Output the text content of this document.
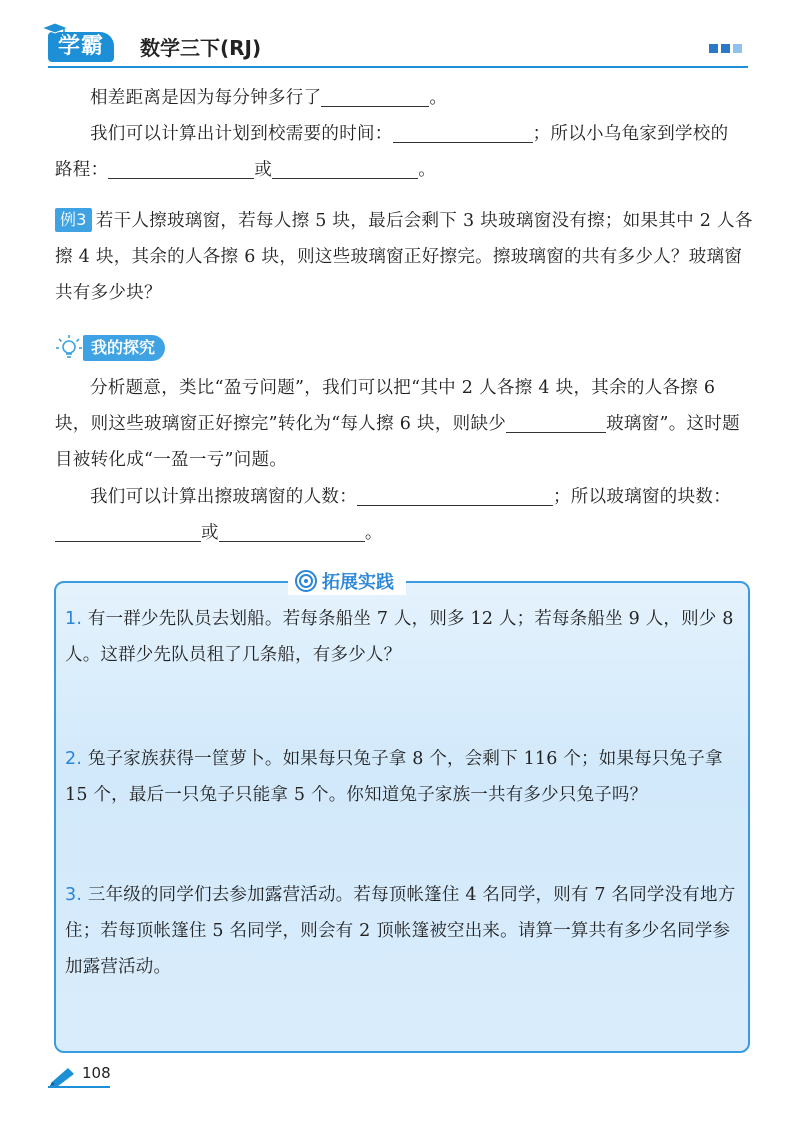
学霸	数学三下(RJ)
相差距离是因为每分钟多行了	。
我们可以计算出计划到校需要的时间：	；所以小乌龟家到学校的
路程：	或	。
例3 若干人擦玻璃窗，若每人擦 5 块，最后会剩下 3 块玻璃窗没有擦；如果其中 2 人各擦 4 块，其余的人各擦 6 块，则这些玻璃窗正好擦完。擦玻璃窗的共有多少人？玻璃窗共有多少块？
我的探究
分析题意，类比“盈亏问题”，我们可以把“其中 2 人各擦 4 块，其余的人各擦 6 块，则这些玻璃窗正好擦完”转化为“每人擦 6 块，则缺少	玻璃窗”。这时题目被转化成“一盈一亏”问题。
我们可以计算出擦玻璃窗的人数：	；所以玻璃窗的块数：
或	。
拓展实践
1. 有一群少先队员去划船。若每条船坐 7 人，则多 12 人；若每条船坐 9 人，则少 8 人。这群少先队员租了几条船，有多少人？
2. 兔子家族获得一筐萝卜。如果每只兔子拿 8 个，会剩下 116 个；如果每只兔子拿 15 个，最后一只兔子只能拿 5 个。你知道兔子家族一共有多少只兔子吗？
3. 三年级的同学们去参加露营活动。若每顶帐篷住 4 名同学，则有 7 名同学没有地方住；若每顶帐篷住 5 名同学，则会有 2 顶帐篷被空出来。请算一算共有多少名同学参加露营活动。
108
